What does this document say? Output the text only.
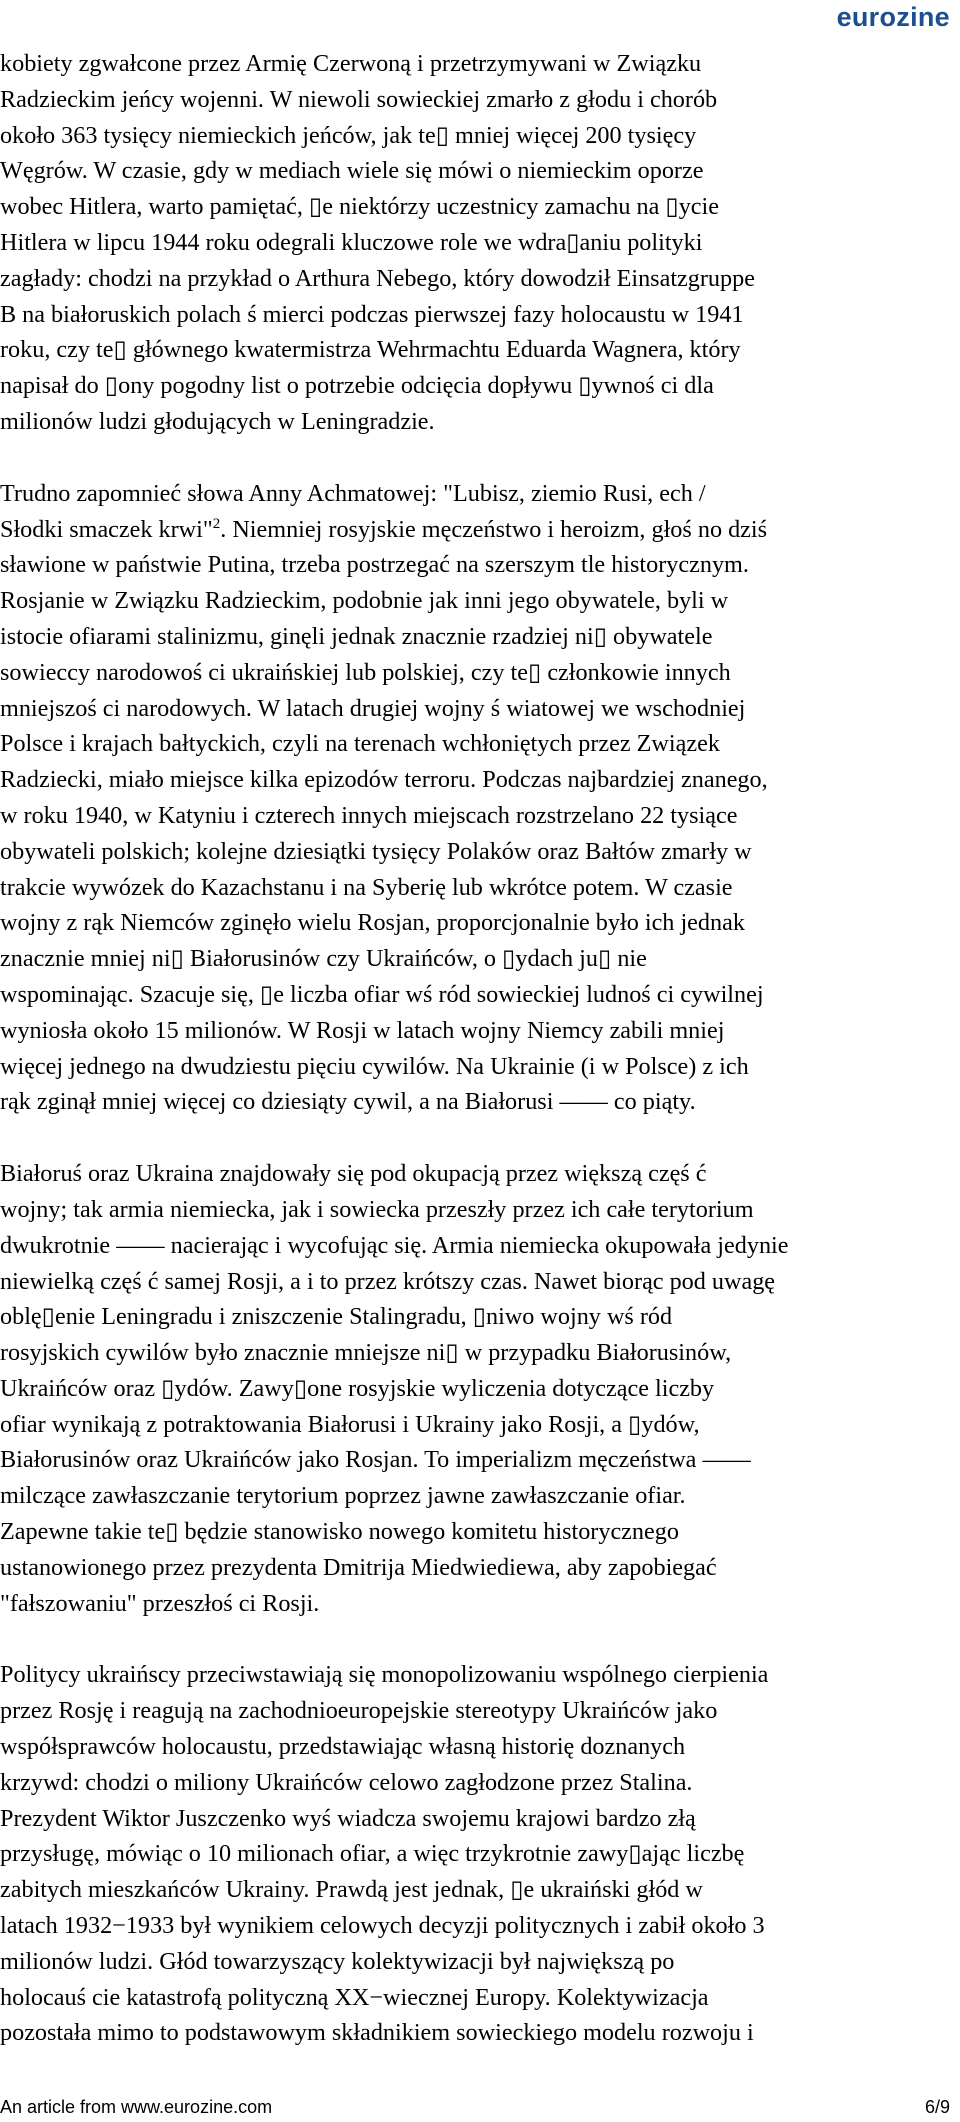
eurozine

kobiety zgwałcone przez Armię Czerwoną i przetrzymywani w Związku
Radzieckim jeńcy wojenni. W niewoli sowieckiej zmarło z głodu i chorób
około 363 tysięcy niemieckich jeńców, jak te▯ mniej więcej 200 tysięcy
Węgrów. W czasie, gdy w mediach wiele się mówi o niemieckim oporze
wobec Hitlera, warto pamiętać, ▯e niektórzy uczestnicy zamachu na ▯ycie
Hitlera w lipcu 1944 roku odegrali kluczowe role we wdra▯aniu polityki
zagłady: chodzi na przykład o Arthura Nebego, który dowodził Einsatzgruppe
B na białoruskich polach ś mierci podczas pierwszej fazy holocaustu w 1941
roku, czy te▯ głównego kwatermistrza Wehrmachtu Eduarda Wagnera, który
napisał do ▯ony pogodny list o potrzebie odcięcia dopływu ▯ywnoś ci dla
milionów ludzi głodujących w Leningradzie.

Trudno zapomnieć słowa Anny Achmatowej: "Lubisz, ziemio Rusi, ech /
Słodki smaczek krwi"$^2$. Niemniej rosyjskie męczeństwo i heroizm, głoś no dziś
sławione w państwie Putina, trzeba postrzegać na szerszym tle historycznym.
Rosjanie w Związku Radzieckim, podobnie jak inni jego obywatele, byli w
istocie ofiarami stalinizmu, ginęli jednak znacznie rzadziej ni▯ obywatele
sowieccy narodowoś ci ukraińskiej lub polskiej, czy te▯ członkowie innych
mniejszoś ci narodowych. W latach drugiej wojny ś wiatowej we wschodniej
Polsce i krajach bałtyckich, czyli na terenach wchłoniętych przez Związek
Radziecki, miało miejsce kilka epizodów terroru. Podczas najbardziej znanego,
w roku 1940, w Katyniu i czterech innych miejscach rozstrzelano 22 tysiące
obywateli polskich; kolejne dziesiątki tysięcy Polaków oraz Bałtów zmarły w
trakcie wywózek do Kazachstanu i na Syberię lub wkrótce potem. W czasie
wojny z rąk Niemców zginęło wielu Rosjan, proporcjonalnie było ich jednak
znacznie mniej ni▯ Białorusinów czy Ukraińców, o ▯ydach ju▯ nie
wspominając. Szacuje się, ▯e liczba ofiar wś ród sowieckiej ludnoś ci cywilnej
wyniosła około 15 milionów. W Rosji w latach wojny Niemcy zabili mniej
więcej jednego na dwudziestu pięciu cywilów. Na Ukrainie (i w Polsce) z ich
rąk zginął mniej więcej co dziesiąty cywil, a na Białorusi —— co piąty.

Białoruś oraz Ukraina znajdowały się pod okupacją przez większą częś ć
wojny; tak armia niemiecka, jak i sowiecka przeszły przez ich całe terytorium
dwukrotnie —— nacierając i wycofując się. Armia niemiecka okupowała jedynie
niewielką częś ć samej Rosji, a i to przez krótszy czas. Nawet biorąc pod uwagę
oblę▯enie Leningradu i zniszczenie Stalingradu, ▯niwo wojny wś ród
rosyjskich cywilów było znacznie mniejsze ni▯ w przypadku Białorusinów,
Ukraińców oraz ▯ydów. Zawy▯one rosyjskie wyliczenia dotyczące liczby
ofiar wynikają z potraktowania Białorusi i Ukrainy jako Rosji, a ▯ydów,
Białorusinów oraz Ukraińców jako Rosjan. To imperializm męczeństwa ——
milczące zawłaszczanie terytorium poprzez jawne zawłaszczanie ofiar.
Zapewne takie te▯ będzie stanowisko nowego komitetu historycznego
ustanowionego przez prezydenta Dmitrija Miedwiediewa, aby zapobiegać
"fałszowaniu" przeszłoś ci Rosji.

Politycy ukraińscy przeciwstawiają się monopolizowaniu wspólnego cierpienia
przez Rosję i reagują na zachodnioeuropejskie stereotypy Ukraińców jako
współsprawców holocaustu, przedstawiając własną historię doznanych
krzywd: chodzi o miliony Ukraińców celowo zagłodzone przez Stalina.
Prezydent Wiktor Juszczenko wyś wiadcza swojemu krajowi bardzo złą
przysługę, mówiąc o 10 milionach ofiar, a więc trzykrotnie zawy▯ając liczbę
zabitych mieszkańców Ukrainy. Prawdą jest jednak, ▯e ukraiński głód w
latach 1932−1933 był wynikiem celowych decyzji politycznych i zabił około 3
milionów ludzi. Głód towarzyszący kolektywizacji był największą po
holocauś cie katastrofą polityczną XX−wiecznej Europy. Kolektywizacja
pozostała mimo to podstawowym składnikiem sowieckiego modelu rozwoju i

An article from www.eurozine.com	6/9
